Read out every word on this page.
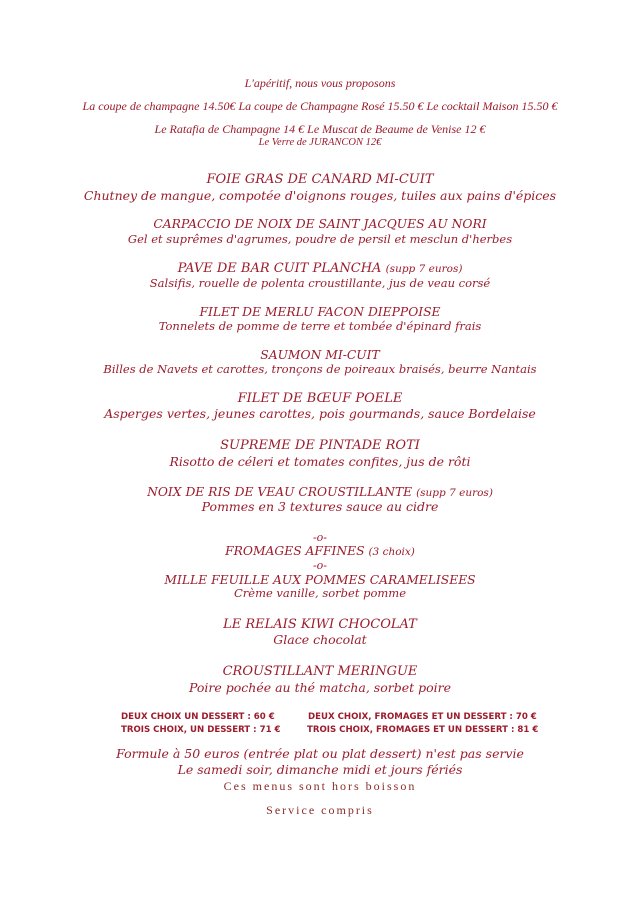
L'apéritif, nous vous proposons
La coupe de champagne 14.50€ La coupe de Champagne Rosé 15.50 € Le cocktail Maison 15.50 €
Le Ratafia de Champagne 14 € Le Muscat de Beaume de Venise 12 €
Le Verre de JURANCON 12€
FOIE GRAS DE CANARD MI-CUIT
Chutney de mangue, compotée d'oignons rouges, tuiles aux pains d'épices
CARPACCIO DE NOIX DE SAINT JACQUES AU NORI
Gel et suprêmes d'agrumes, poudre de persil et mesclun d'herbes
PAVE DE BAR CUIT PLANCHA (supp 7 euros)
Salsifis, rouelle de polenta croustillante, jus de veau corsé
FILET DE MERLU FACON DIEPPOISE
Tonnelets de pomme de terre et tombée d'épinard frais
SAUMON MI-CUIT
Billes de Navets et carottes, tronçons de poireaux braisés, beurre Nantais
FILET DE BŒUF POELE
Asperges vertes, jeunes carottes, pois gourmands, sauce Bordelaise
SUPREME DE PINTADE ROTI
Risotto de céleri et tomates confites, jus de rôti
NOIX DE RIS DE VEAU CROUSTILLANTE (supp 7 euros)
Pommes en 3 textures sauce au cidre
-o-
FROMAGES AFFINES (3 choix)
-o-
MILLE FEUILLE AUX POMMES CARAMELISEES
Crème vanille, sorbet pomme
LE RELAIS KIWI CHOCOLAT
Glace chocolat
CROUSTILLANT MERINGUE
Poire pochée au thé matcha, sorbet poire
DEUX CHOIX UN DESSERT : 60 €
TROIS CHOIX, UN DESSERT : 71 €
DEUX CHOIX, FROMAGES ET UN DESSERT : 70 €
TROIS CHOIX, FROMAGES ET UN DESSERT : 81 €
Formule à 50 euros (entrée plat ou plat dessert) n'est pas servie
Le samedi soir, dimanche midi et jours fériés
Ces menus sont hors boisson
Service compris
